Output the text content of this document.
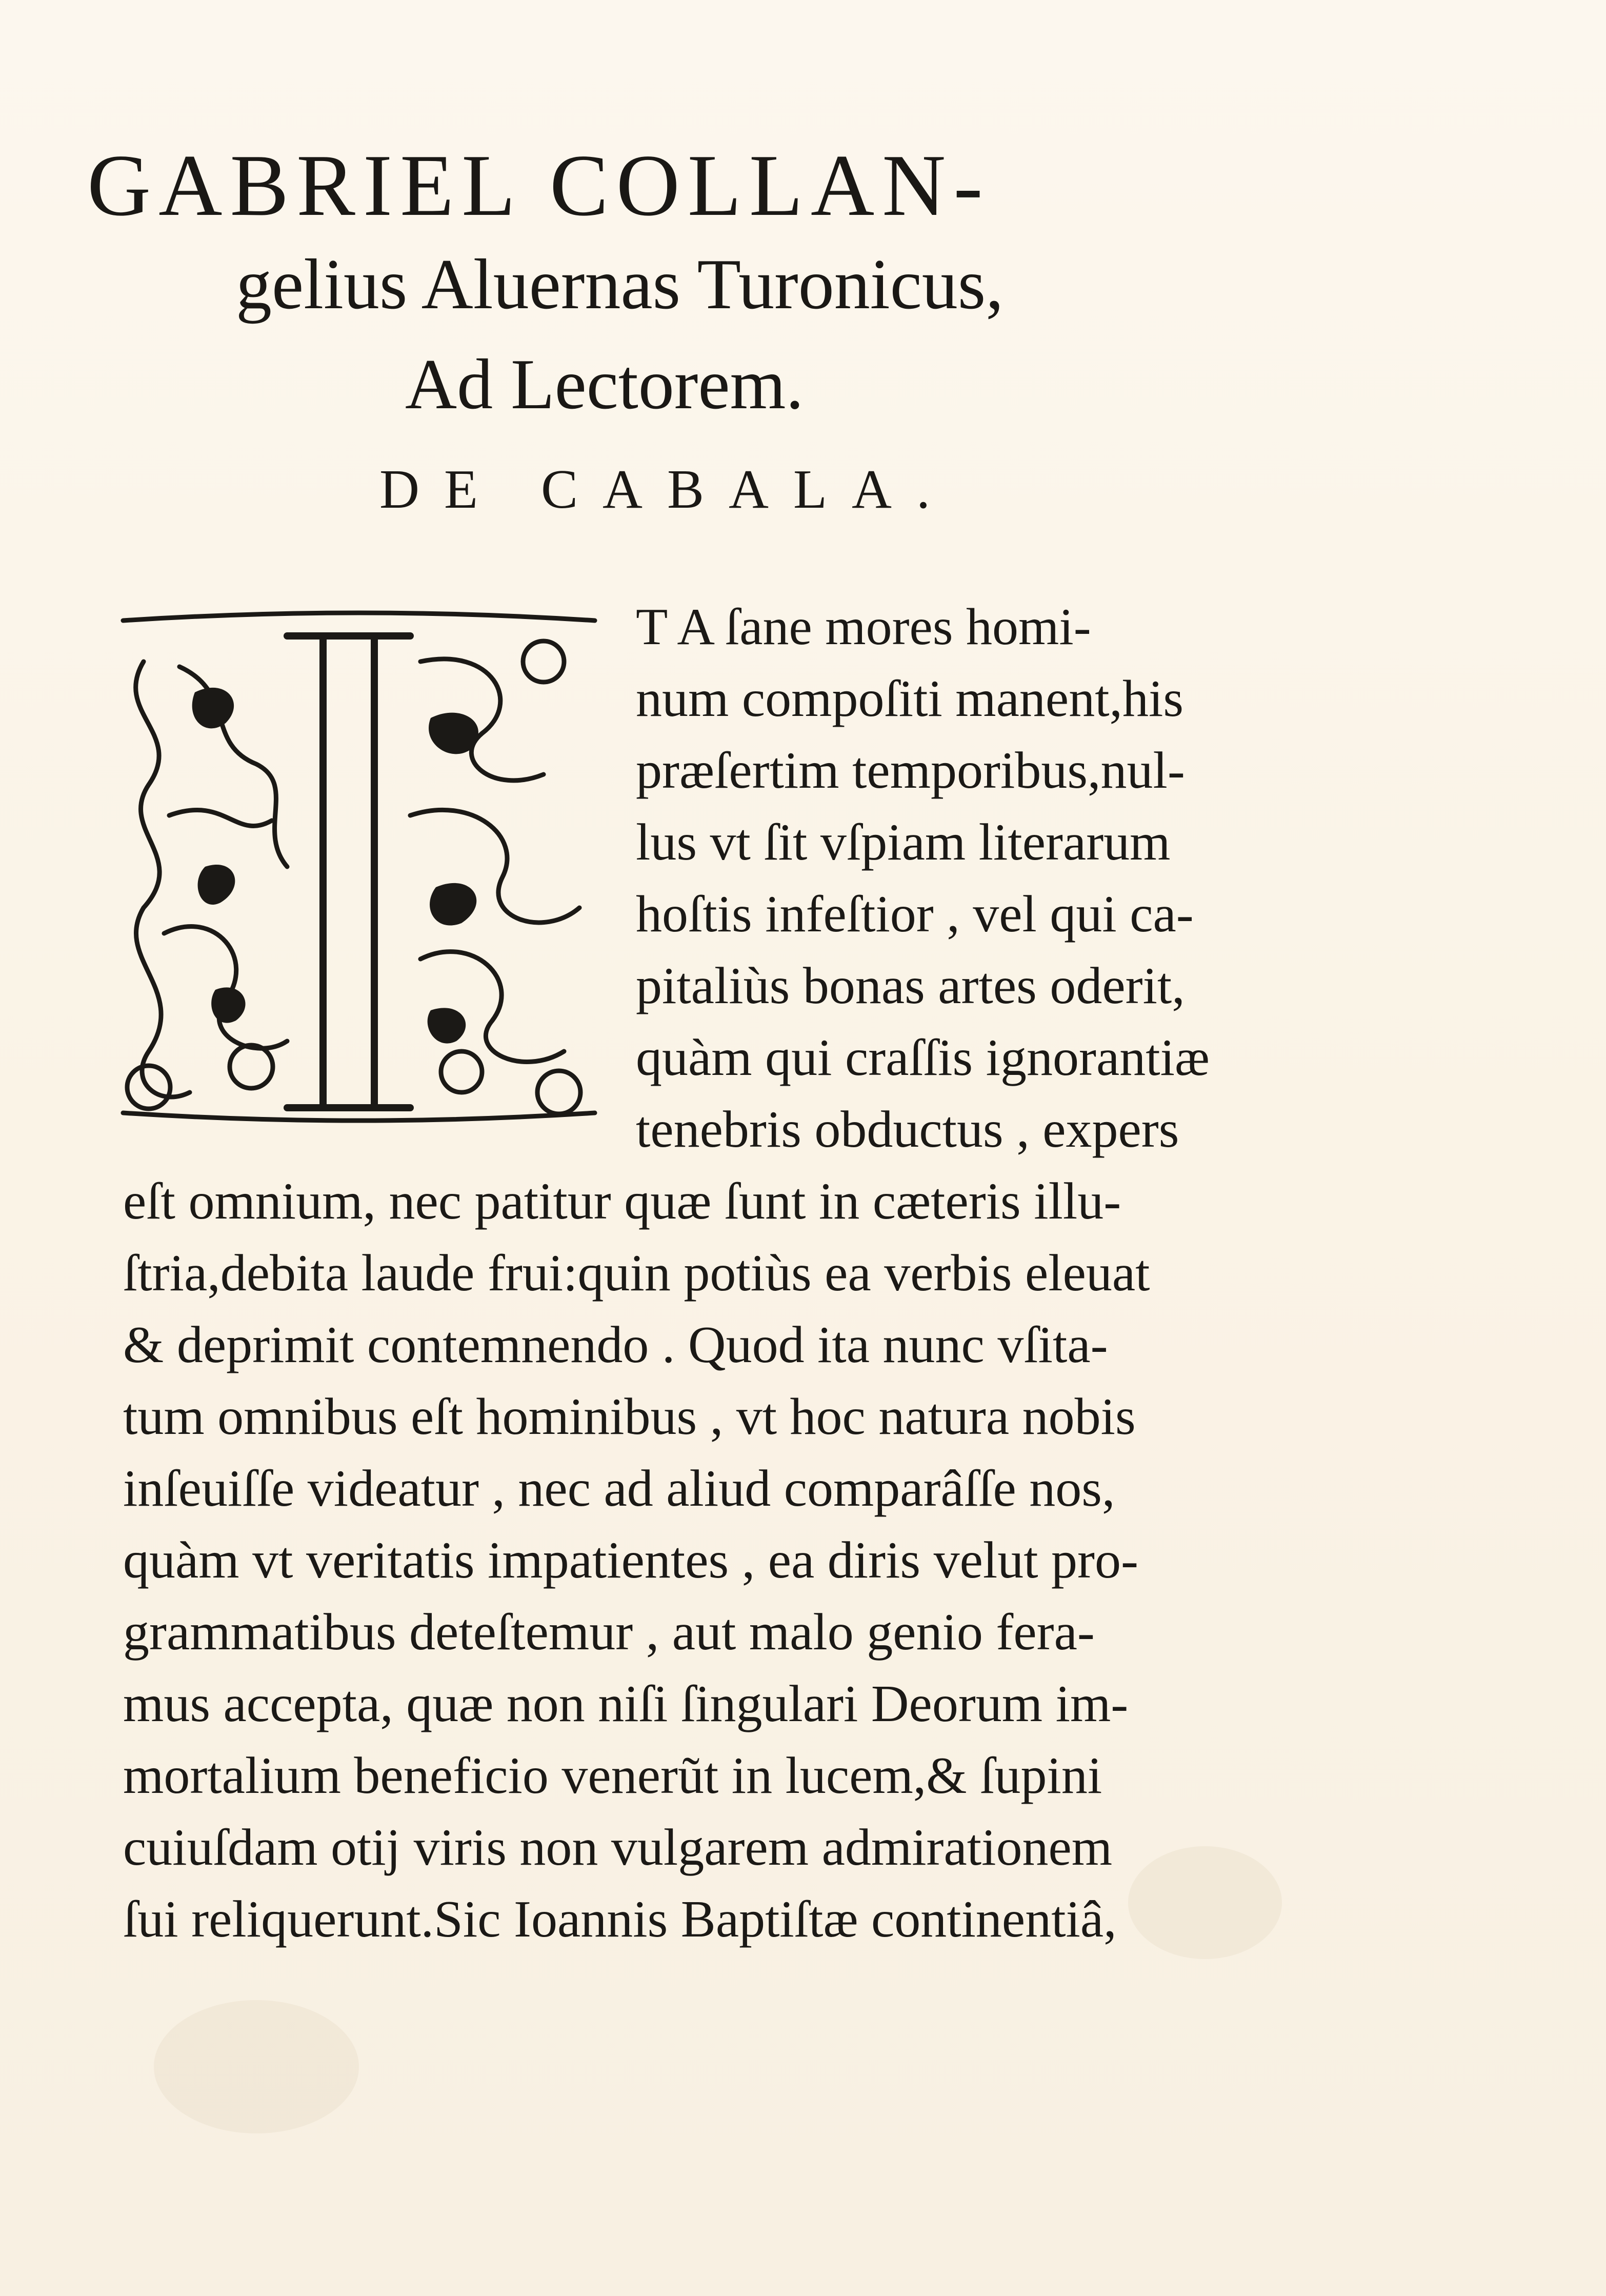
GABRIEL COLLAN-
gelius Aluernas Turonicus,
Ad Lectorem.
DE CABALA.
T A ſane mores homi-
num compoſiti manent,his
præſertim temporibus,nul-
lus vt ſit vſpiam literarum
hoſtis infeſtior , vel qui ca-
pitaliùs bonas artes oderit,
quàm qui craſſis ignorantiæ
tenebris obductus , expers
eſt omnium, nec patitur quæ ſunt in cæteris illu-
ſtria,debita laude frui:quin potiùs ea verbis eleuat
& deprimit contemnendo . Quod ita nunc vſita-
tum omnibus eſt hominibus , vt hoc natura nobis
inſeuiſſe videatur , nec ad aliud comparâſſe nos,
quàm vt veritatis impatientes , ea diris velut pro-
grammatibus deteſtemur , aut malo genio fera-
mus accepta, quæ non niſi ſingulari Deorum im-
mortalium beneficio venerũt in lucem,& ſupini
cuiuſdam otij viris non vulgarem admirationem
ſui reliquerunt.Sic Ioannis Baptiſtæ continentiâ,
